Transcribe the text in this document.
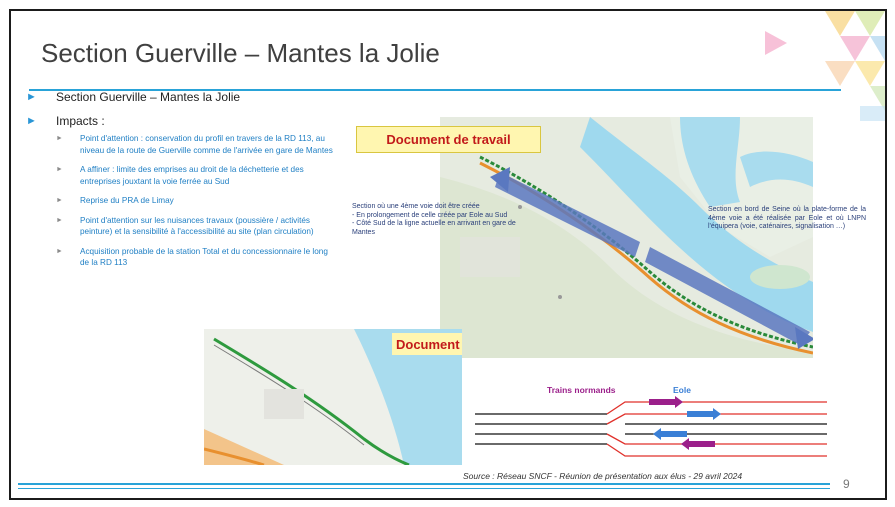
Section Guerville – Mantes la Jolie
►	Section Guerville – Mantes la Jolie
►	Impacts :
►	Point d'attention : conservation du profil en travers de la RD 113, au niveau de la route de Guerville comme de l'arrivée en gare de Mantes
►	A affiner : limite des emprises au droit de la déchetterie et des entreprises jouxtant la voie ferrée au Sud
►	Reprise du PRA de Limay
►	Point d'attention sur les nuisances travaux (poussière / activités peinture) et la sensibilité à l'accessibilité au site (plan circulation)
►	Acquisition probable de la station Total et du concessionnaire le long de la RD 113
Document de travail
Section où une 4ème voie doit être créée
- En prolongement de celle créée par Eole au Sud
- Côté Sud de la ligne actuelle en arrivant en gare de Mantes
Section en bord de Seine où la plate-forme de la 4ème voie a été réalisée par Eole et où LNPN l'équipera (voie, caténaires, signalisation …)
Document
Trains normands	Eole
Source : Réseau SNCF - Réunion de présentation aux élus - 29 avril 2024
9
